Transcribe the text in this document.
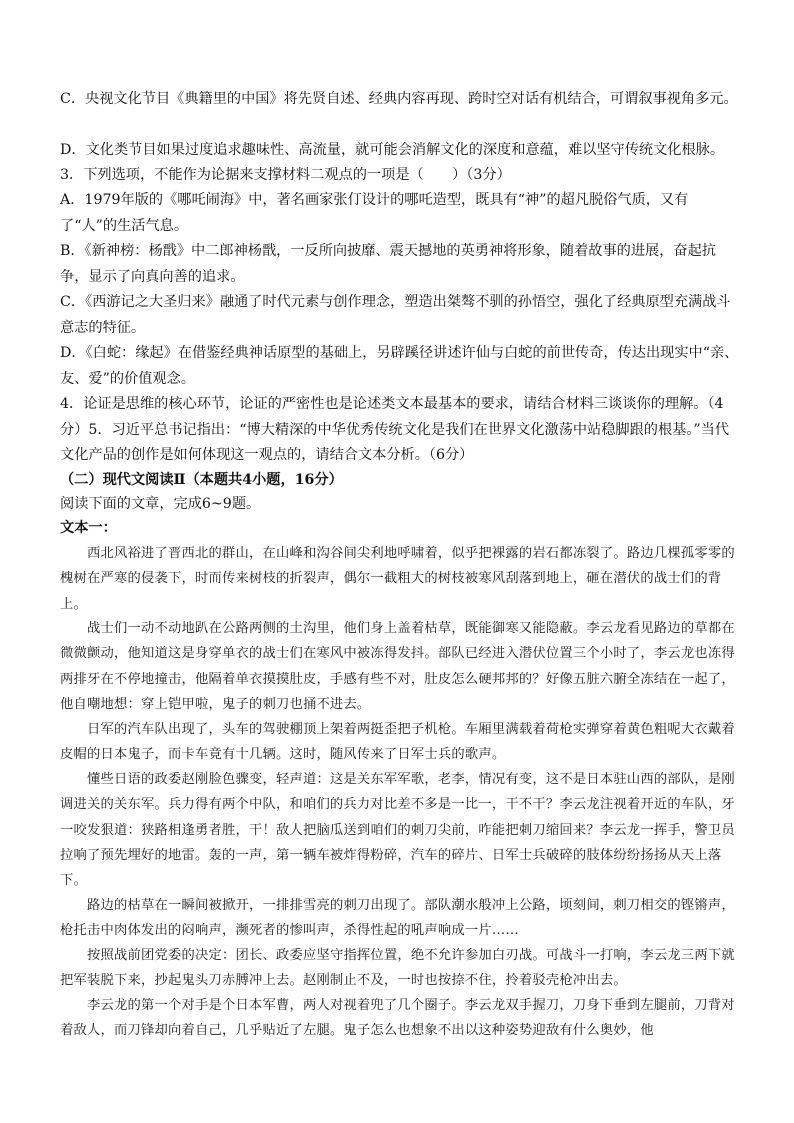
C．央视文化节目《典籍里的中国》将先贤自述、经典内容再现、跨时空对话有机结合，可谓叙事视角多元。

D．文化类节目如果过度追求趣味性、高流量，就可能会消解文化的深度和意蕴，难以坚守传统文化根脉。

3．下列选项，不能作为论据来支撑材料二观点的一项是（　　）（3分）

A．1979年版的《哪吒闹海》中，著名画家张仃设计的哪吒造型，既具有“神”的超凡脱俗气质，又有了“人”的生活气息。

B．《新神榜：杨戬》中二郎神杨戬，一反所向披靡、震天撼地的英勇神将形象，随着故事的进展，奋起抗争，显示了向真向善的追求。

C．《西游记之大圣归来》融通了时代元素与创作理念，塑造出桀骜不驯的孙悟空，强化了经典原型充满战斗意志的特征。

D．《白蛇：缘起》在借鉴经典神话原型的基础上，另辟蹊径讲述许仙与白蛇的前世传奇，传达出现实中“亲、友、爱”的价值观念。

4．论证是思维的核心环节，论证的严密性也是论述类文本最基本的要求，请结合材料三谈谈你的理解。（4分）5．习近平总书记指出：“博大精深的中华优秀传统文化是我们在世界文化激荡中站稳脚跟的根基。”当代文化产品的创作是如何体现这一观点的，请结合文本分析。（6分）

（二）现代文阅读Ⅱ（本题共4小题，16分）

阅读下面的文章，完成6~9题。

文本一：

西北风裕进了晋西北的群山，在山峰和沟谷间尖利地呼啸着，似乎把裸露的岩石都冻裂了。路边几棵孤零零的槐树在严寒的侵袭下，时而传来树枝的折裂声，偶尔一截粗大的树枝被寒风刮落到地上，砸在潜伏的战士们的背上。

战士们一动不动地趴在公路两侧的土沟里，他们身上盖着枯草，既能御寒又能隐蔽。李云龙看见路边的草都在微微颤动，他知道这是身穿单衣的战士们在寒风中被冻得发抖。部队已经进入潜伏位置三个小时了，李云龙也冻得两排牙在不停地撞击，他隔着单衣摸摸肚皮，手感有些不对，肚皮怎么硬邦邦的？好像五脏六腑全冻结在一起了，他自嘲地想：穿上铠甲啦，鬼子的刺刀也捅不进去。

日军的汽车队出现了，头车的驾驶棚顶上架着两挺歪把子机枪。车厢里满载着荷枪实弹穿着黄色粗呢大衣戴着皮帽的日本鬼子，而卡车竟有十几辆。这时，随风传来了日军士兵的歌声。

懂些日语的政委赵刚脸色骤变，轻声道：这是关东军军歌，老李，情况有变，这不是日本驻山西的部队，是刚调进关的关东军。兵力得有两个中队，和咱们的兵力对比差不多是一比一，干不干？李云龙注视着开近的车队，牙一咬发狠道：狭路相逢勇者胜，干！敌人把脑瓜送到咱们的刺刀尖前，咋能把刺刀缩回来？李云龙一挥手，警卫员拉响了预先埋好的地雷。轰的一声，第一辆车被炸得粉碎，汽车的碎片、日军士兵破碎的肢体纷纷扬扬从天上落下。

路边的枯草在一瞬间被掀开，一排排雪亮的刺刀出现了。部队潮水般冲上公路，顷刻间，刺刀相交的铿锵声，枪托击中肉体发出的闷响声，濒死者的惨叫声，杀得性起的吼声响成一片……

按照战前团党委的决定：团长、政委应坚守指挥位置，绝不允许参加白刃战。可战斗一打响，李云龙三两下就把军装脱下来，抄起鬼头刀赤膊冲上去。赵刚制止不及，一时也按捺不住，拎着驳壳枪冲出去。

李云龙的第一个对手是个日本军曹，两人对视着兜了几个圈子。李云龙双手握刀，刀身下垂到左腿前，刀背对着敌人，而刀锋却向着自己，几乎贴近了左腿。鬼子怎么也想象不出以这种姿势迎敌有什么奥妙，他
